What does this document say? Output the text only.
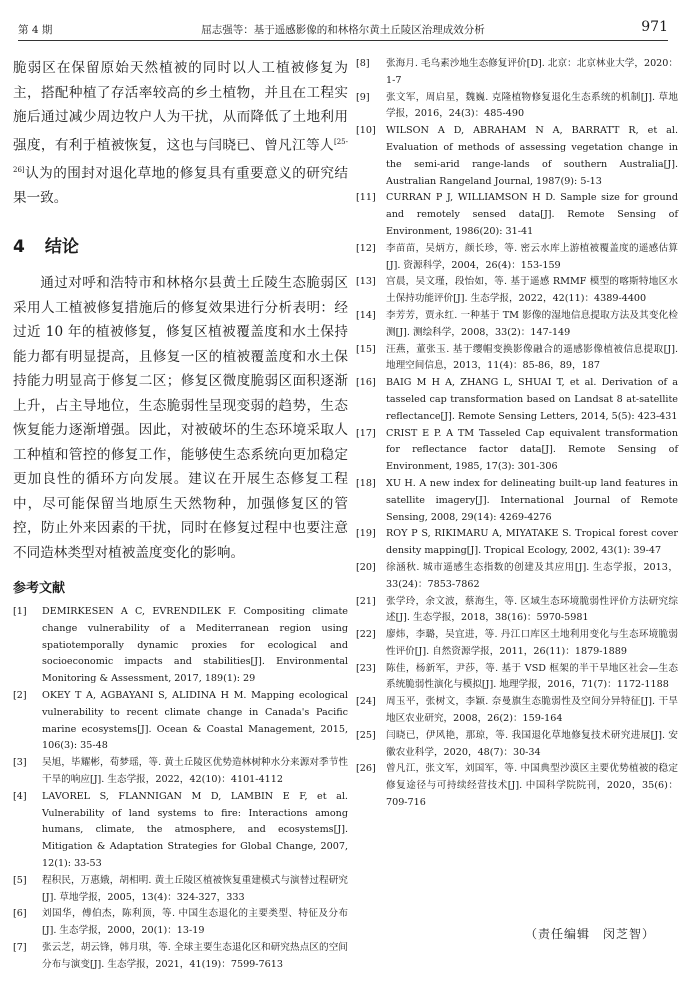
第 4 期	屈志强等：基于遥感影像的和林格尔黄土丘陵区治理成效分析	971

脆弱区在保留原始天然植被的同时以人工植被修复为主，搭配种植了存活率较高的乡土植物，并且在工程实施后通过减少周边牧户人为干扰，从而降低了土地利用强度，有利于植被恢复，这也与闫晓已、曾凡江等人[25-26]认为的围封对退化草地的修复具有重要意义的研究结果一致。

4 结论

通过对呼和浩特市和林格尔县黄土丘陵生态脆弱区采用人工植被修复措施后的修复效果进行分析表明：经过近 10 年的植被修复，修复区植被覆盖度和水土保持能力都有明显提高，且修复一区的植被覆盖度和水土保持能力明显高于修复二区；修复区微度脆弱区面积逐渐上升，占主导地位，生态脆弱性呈现变弱的趋势，生态恢复能力逐渐增强。因此，对被破坏的生态环境采取人工种植和管控的修复工作，能够使生态系统向更加稳定更加良性的循环方向发展。建议在开展生态修复工程中，尽可能保留当地原生天然物种，加强修复区的管控，防止外来因素的干扰，同时在修复过程中也要注意不同造林类型对植被盖度变化的影响。

参考文献
[1]	DEMIRKESEN A C, EVRENDILEK F. Compositing climate change vulnerability of a Mediterranean region using spatiotemporally dynamic proxies for ecological and socioeconomic impacts and stabilities[J]. Environmental Monitoring & Assessment, 2017, 189(1): 29
[2]	OKEY T A, AGBAYANI S, ALIDINA H M. Mapping ecological vulnerability to recent climate change in Canada's Pacific marine ecosystems[J]. Ocean & Coastal Management, 2015, 106(3): 35-48
[3]	吴旭，毕耀彬，荀梦瑶，等. 黄土丘陵区优势造林树种水分来源对季节性干旱的响应[J]. 生态学报，2022，42(10)：4101-4112
[4]	LAVOREL S, FLANNIGAN M D, LAMBIN E F, et al. Vulnerability of land systems to fire: Interactions among humans, climate, the atmosphere, and ecosystems[J]. Mitigation & Adaptation Strategies for Global Change, 2007, 12(1): 33-53
[5]	程积民，万惠娥，胡相明. 黄土丘陵区植被恢复重建模式与演替过程研究[J]. 草地学报，2005，13(4)：324-327，333
[6]	刘国华，傅伯杰，陈利顶，等. 中国生态退化的主要类型、特征及分布[J]. 生态学报，2000，20(1)：13-19
[7]	张云芝，胡云锋，韩月琪，等. 全球主要生态退化区和研究热点区的空间分布与演变[J]. 生态学报，2021，41(19)：7599-7613
[8]	张海月. 毛乌素沙地生态修复评价[D]. 北京：北京林业大学，2020：1-7
[9]	张文军，周启星，魏巍. 克隆植物修复退化生态系统的机制[J]. 草地学报，2016，24(3)：485-490
[10]	WILSON A D, ABRAHAM N A, BARRATT R, et al. Evaluation of methods of assessing vegetation change in the semi-arid range-lands of southern Australia[J]. Australian Rangeland Journal, 1987(9): 5-13
[11]	CURRAN P J, WILLIAMSON H D. Sample size for ground and remotely sensed data[J]. Remote Sensing of Environment, 1986(20): 31-41
[12]	李苗苗，吴炳方，颜长珍，等. 密云水库上游植被覆盖度的遥感估算[J]. 资源科学，2004，26(4)：153-159
[13]	宫晨，吴文瑾，段怡如，等. 基于遥感 RMMF 模型的喀斯特地区水土保持功能评价[J]. 生态学报，2022，42(11)：4389-4400
[14]	李芳芳，贾永红. 一种基于 TM 影像的湿地信息提取方法及其变化检测[J]. 测绘科学，2008，33(2)：147-149
[15]	汪燕，董张玉. 基于缨帽变换影像融合的遥感影像植被信息提取[J]. 地理空间信息，2013，11(4)：85-86，89，187
[16]	BAIG M H A, ZHANG L, SHUAI T, et al. Derivation of a tasseled cap transformation based on Landsat 8 at-satellite reflectance[J]. Remote Sensing Letters, 2014, 5(5): 423-431
[17]	CRIST E P. A TM Tasseled Cap equivalent transformation for reflectance factor data[J]. Remote Sensing of Environment, 1985, 17(3): 301-306
[18]	XU H. A new index for delineating built-up land features in satellite imagery[J]. International Journal of Remote Sensing, 2008, 29(14): 4269-4276
[19]	ROY P S, RIKIMARU A, MIYATAKE S. Tropical forest cover density mapping[J]. Tropical Ecology, 2002, 43(1): 39-47
[20]	徐涵秋. 城市遥感生态指数的创建及其应用[J]. 生态学报，2013，33(24)：7853-7862
[21]	张学玲，余文波，蔡海生，等. 区域生态环境脆弱性评价方法研究综述[J]. 生态学报，2018，38(16)：5970-5981
[22]	廖炜，李璐，吴宜进，等. 丹江口库区土地利用变化与生态环境脆弱性评价[J]. 自然资源学报，2011，26(11)：1879-1889
[23]	陈佳，杨新军，尹莎，等. 基于 VSD 框架的半干旱地区社会—生态系统脆弱性演化与模拟[J]. 地理学报，2016，71(7)：1172-1188
[24]	周玉平，张树文，李颖. 奈曼旗生态脆弱性及空间分异特征[J]. 干旱地区农业研究，2008，26(2)：159-164
[25]	闫晓已，伊风艳，那琼，等. 我国退化草地修复技术研究进展[J]. 安徽农业科学，2020，48(7)：30-34
[26]	曾凡江，张文军，刘国军，等. 中国典型沙漠区主要优势植被的稳定修复途径与可持续经营技术[J]. 中国科学院院刊，2020，35(6)：709-716
（责任编辑　闵芝智）
